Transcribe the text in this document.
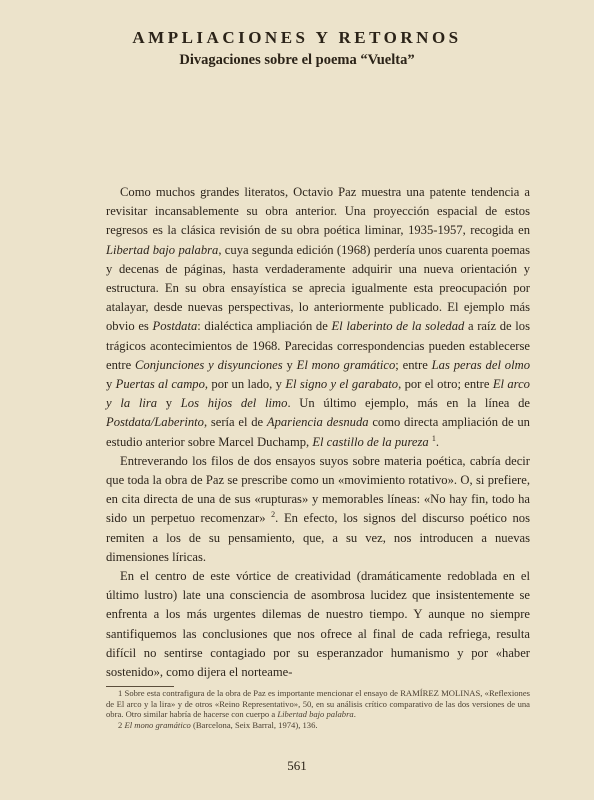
AMPLIACIONES Y RETORNOS
Divagaciones sobre el poema “Vuelta”

Como muchos grandes literatos, Octavio Paz muestra una patente tendencia a revisitar incansablemente su obra anterior. Una proyección espacial de estos regresos es la clásica revisión de su obra poética liminar, 1935-1957, recogida en Libertad bajo palabra, cuya segunda edición (1968) perdería unos cuarenta poemas y decenas de páginas, hasta verdaderamente adquirir una nueva orientación y estructura. En su obra ensayística se aprecia igualmente esta preocupación por atalayar, desde nuevas perspectivas, lo anteriormente publicado. El ejemplo más obvio es Postdata: dialéctica ampliación de El laberinto de la soledad a raíz de los trágicos acontecimientos de 1968. Parecidas correspondencias pueden establecerse entre Conjunciones y disyunciones y El mono gramático; entre Las peras del olmo y Puertas al campo, por un lado, y El signo y el garabato, por el otro; entre El arco y la lira y Los hijos del limo. Un último ejemplo, más en la línea de Postdata/Laberinto, sería el de Apariencia desnuda como directa ampliación de un estudio anterior sobre Marcel Duchamp, El castillo de la pureza $^1$.

Entreverando los filos de dos ensayos suyos sobre materia poética, cabría decir que toda la obra de Paz se prescribe como un «movimiento rotativo». O, si prefiere, en cita directa de una de sus «rupturas» y memorables líneas: «No hay fin, todo ha sido un perpetuo recomenzar» $^2$. En efecto, los signos del discurso poético nos remiten a los de su pensamiento, que, a su vez, nos introducen a nuevas dimensiones líricas.

En el centro de este vórtice de creatividad (dramáticamente redoblada en el último lustro) late una consciencia de asombrosa lucidez que insistentemente se enfrenta a los más urgentes dilemas de nuestro tiempo. Y aunque no siempre santifiquemos las conclusiones que nos ofrece al final de cada refriega, resulta difícil no sentirse contagiado por su esperanzador humanismo y por «haber sostenido», como dijera el norteame-

1 Sobre esta contrafigura de la obra de Paz es importante mencionar el ensayo de RAMÍREZ MOLINAS, «Reflexiones de El arco y la lira» y de otros «Reino Representativo», 50, en su análisis crítico comparativo de las dos versiones de una obra. Otro similar habría de hacerse con cuerpo a Libertad bajo palabra.

2 El mono gramático (Barcelona, Seix Barral, 1974), 136.

561
